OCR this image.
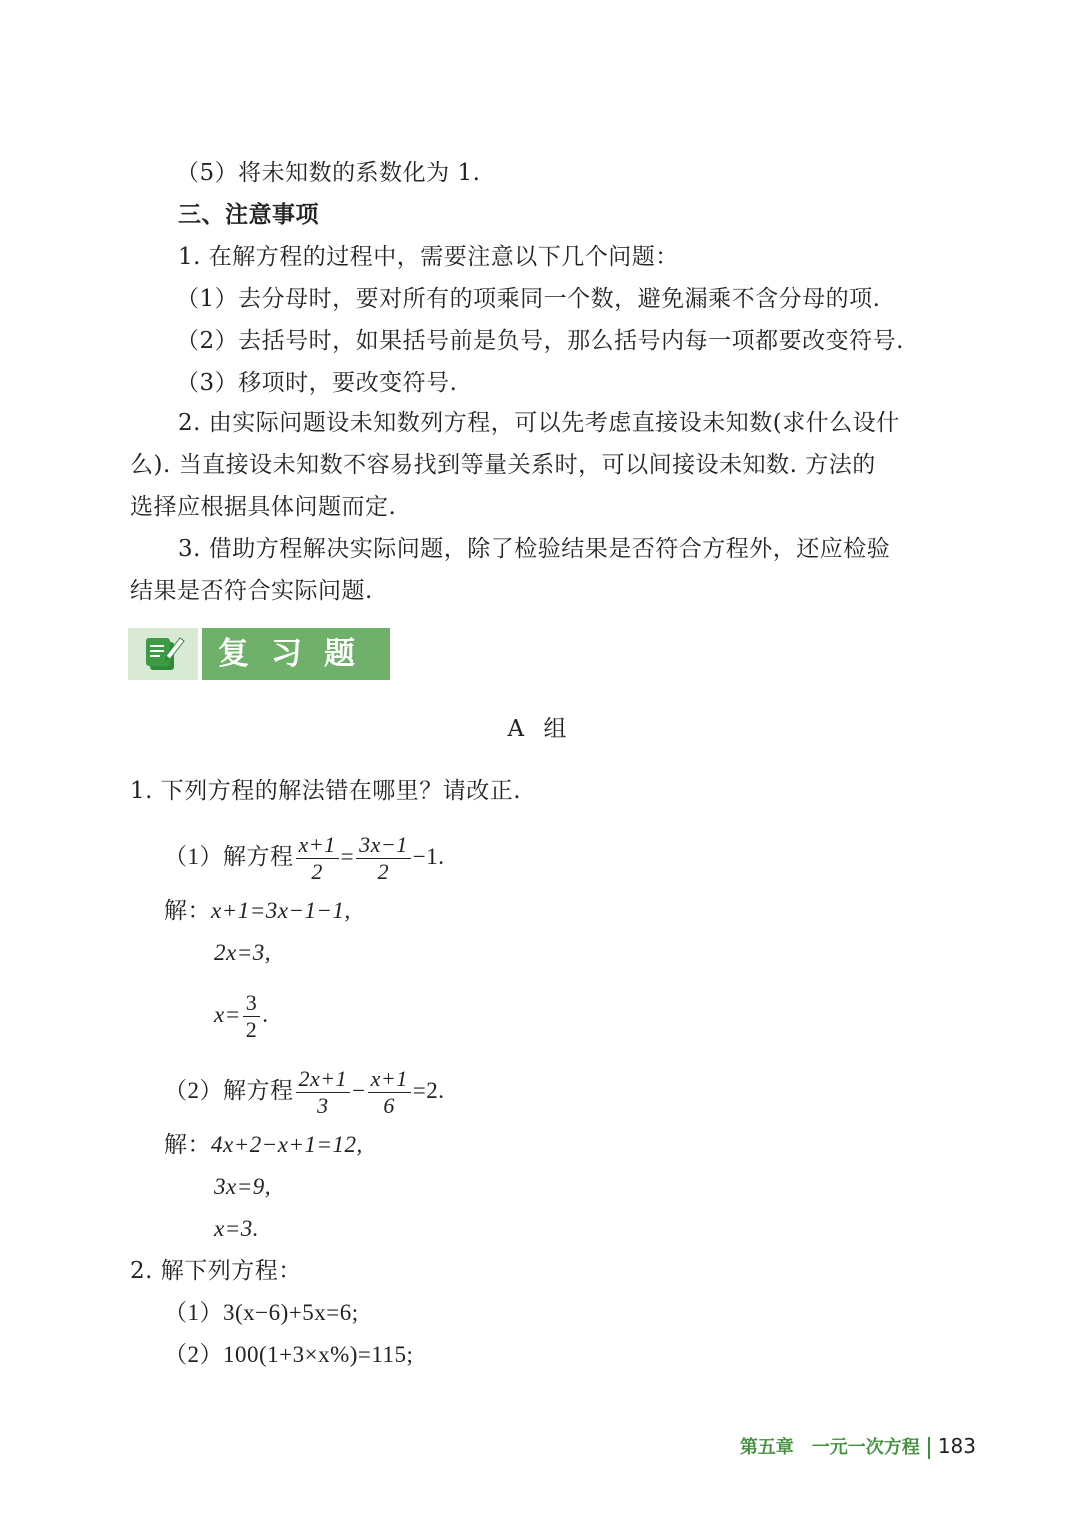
（5）将未知数的系数化为 1.
三、注意事项
1. 在解方程的过程中，需要注意以下几个问题：
（1）去分母时，要对所有的项乘同一个数，避免漏乘不含分母的项.
（2）去括号时，如果括号前是负号，那么括号内每一项都要改变符号.
（3）移项时，要改变符号.
2. 由实际问题设未知数列方程，可以先考虑直接设未知数(求什么设什
么). 当直接设未知数不容易找到等量关系时，可以间接设未知数. 方法的
选择应根据具体问题而定.
3. 借助方程解决实际问题，除了检验结果是否符合方程外，还应检验
结果是否符合实际问题.
复习题
A 组
1. 下列方程的解法错在哪里？请改正.
（1）解方程 $\frac{x+1}{2} = \frac{3x-1}{2} -1$.
解：x+1=3x−1−1,
2x=3,
$x= \frac{3}{2}$ .
（2）解方程 $\frac{2x+1}{3} - \frac{x+1}{6} =2$.
解：4x+2−x+1=12,
3x=9,
x=3.
2. 解下列方程：
（1）3(x−6)+5x=6;
（2）100(1+3×x%)=115;
第五章　一元一次方程 183
